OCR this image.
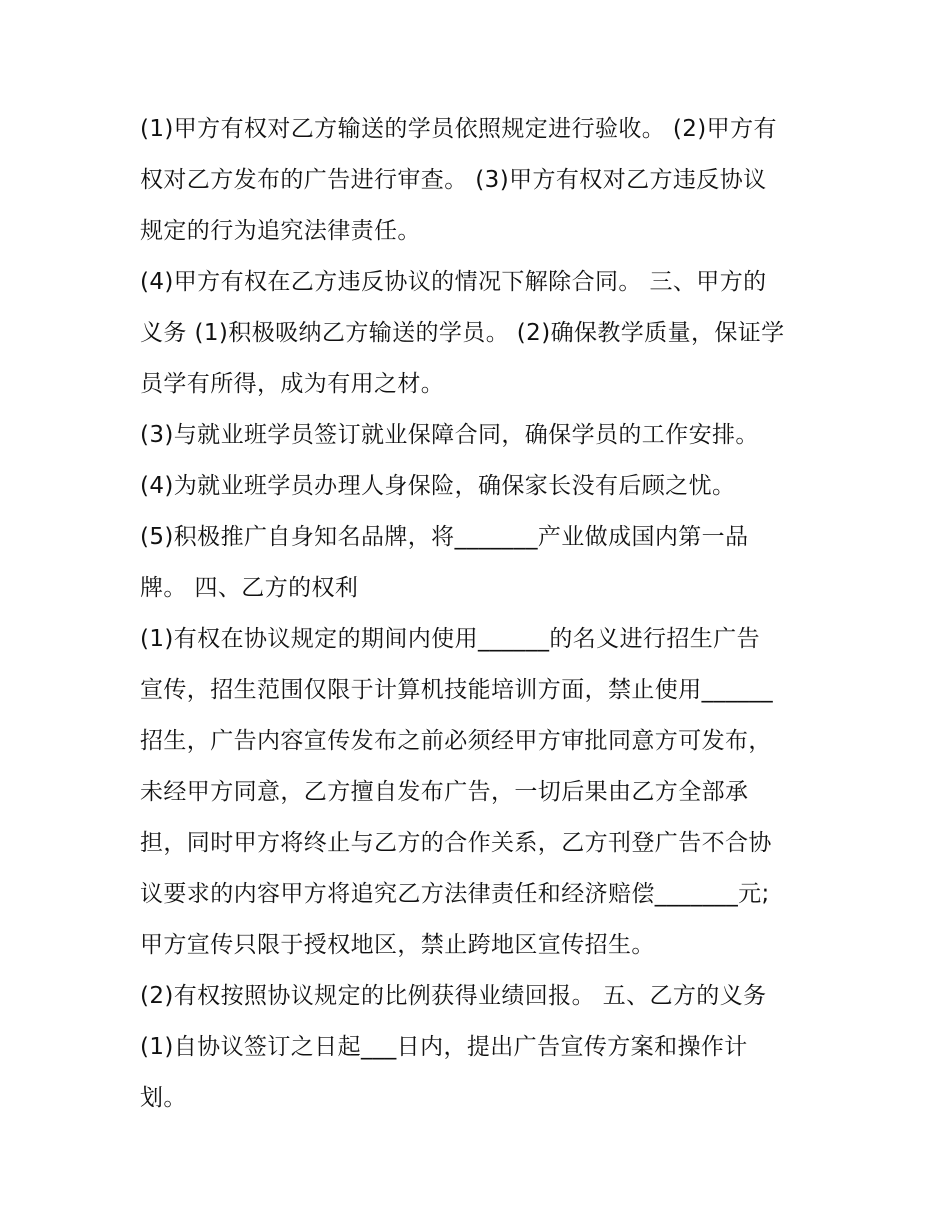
(1)甲方有权对乙方输送的学员依照规定进行验收。 (2)甲方有
权对乙方发布的广告进行审查。 (3)甲方有权对乙方违反协议
规定的行为追究法律责任。
(4)甲方有权在乙方违反协议的情况下解除合同。 三、甲方的
义务 (1)积极吸纳乙方输送的学员。 (2)确保教学质量，保证学
员学有所得，成为有用之材。
(3)与就业班学员签订就业保障合同，确保学员的工作安排。
(4)为就业班学员办理人身保险，确保家长没有后顾之忧。
(5)积极推广自身知名品牌，将_______产业做成国内第一品
牌。 四、乙方的权利
(1)有权在协议规定的期间内使用______的名义进行招生广告
宣传，招生范围仅限于计算机技能培训方面，禁止使用______
招生，广告内容宣传发布之前必须经甲方审批同意方可发布，
未经甲方同意，乙方擅自发布广告，一切后果由乙方全部承
担，同时甲方将终止与乙方的合作关系，乙方刊登广告不合协
议要求的内容甲方将追究乙方法律责任和经济赔偿_______元;
甲方宣传只限于授权地区，禁止跨地区宣传招生。
(2)有权按照协议规定的比例获得业绩回报。 五、乙方的义务
(1)自协议签订之日起___日内，提出广告宣传方案和操作计
划。
